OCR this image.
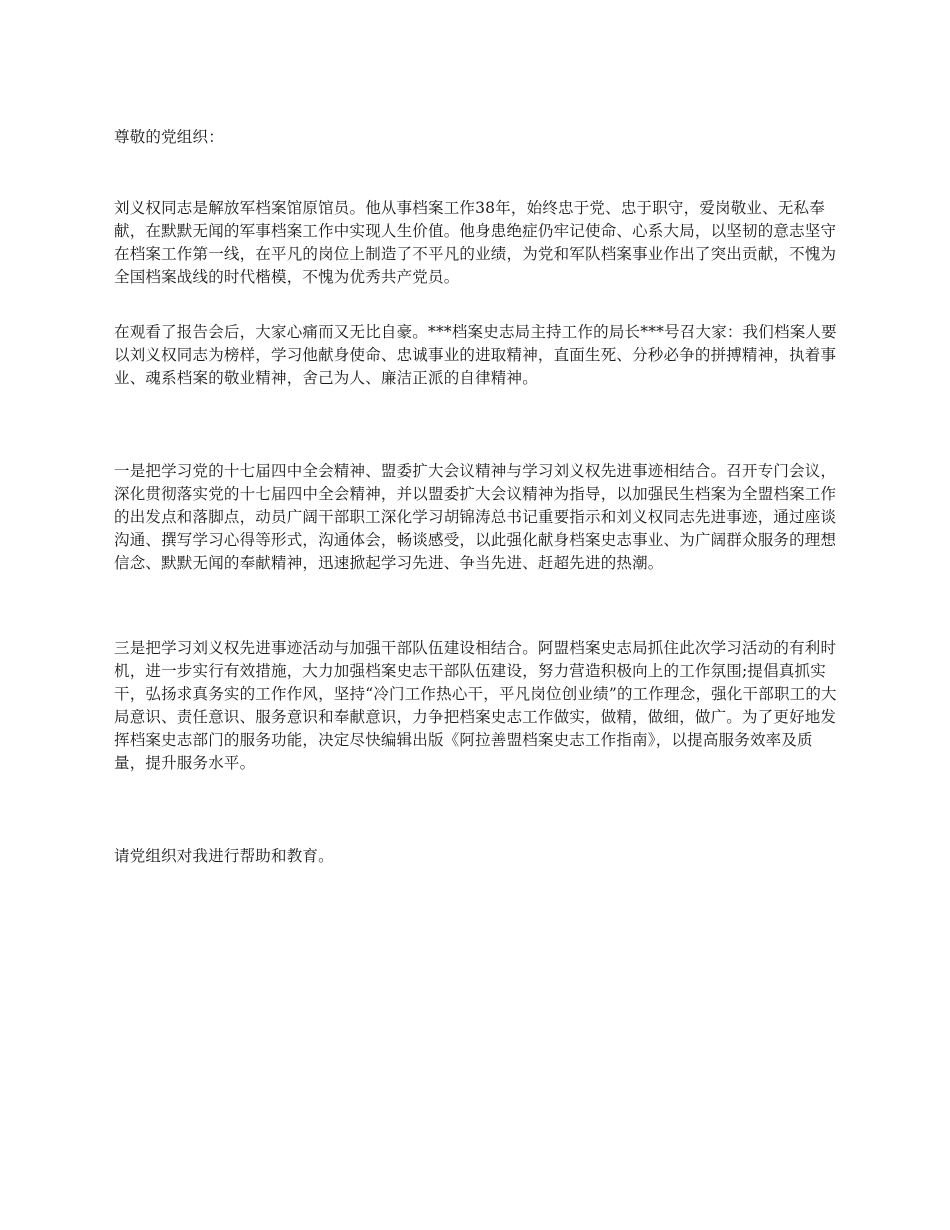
尊敬的党组织：

刘义权同志是解放军档案馆原馆员。他从事档案工作38年，始终忠于党、忠于职守，爱岗敬业、无私奉献，在默默无闻的军事档案工作中实现人生价值。他身患绝症仍牢记使命、心系大局，以坚韧的意志坚守在档案工作第一线，在平凡的岗位上制造了不平凡的业绩，为党和军队档案事业作出了突出贡献，不愧为全国档案战线的时代楷模，不愧为优秀共产党员。

在观看了报告会后，大家心痛而又无比自豪。***档案史志局主持工作的局长***号召大家：我们档案人要以刘义权同志为榜样，学习他献身使命、忠诚事业的进取精神，直面生死、分秒必争的拼搏精神，执着事业、魂系档案的敬业精神，舍己为人、廉洁正派的自律精神。

一是把学习党的十七届四中全会精神、盟委扩大会议精神与学习刘义权先进事迹相结合。召开专门会议，深化贯彻落实党的十七届四中全会精神，并以盟委扩大会议精神为指导，以加强民生档案为全盟档案工作的出发点和落脚点，动员广阔干部职工深化学习胡锦涛总书记重要指示和刘义权同志先进事迹，通过座谈沟通、撰写学习心得等形式，沟通体会，畅谈感受，以此强化献身档案史志事业、为广阔群众服务的理想信念、默默无闻的奉献精神，迅速掀起学习先进、争当先进、赶超先进的热潮。

三是把学习刘义权先进事迹活动与加强干部队伍建设相结合。阿盟档案史志局抓住此次学习活动的有利时机，进一步实行有效措施，大力加强档案史志干部队伍建设，努力营造积极向上的工作氛围;提倡真抓实干，弘扬求真务实的工作作风，坚持“冷门工作热心干，平凡岗位创业绩”的工作理念，强化干部职工的大局意识、责任意识、服务意识和奉献意识，力争把档案史志工作做实，做精，做细，做广。为了更好地发挥档案史志部门的服务功能，决定尽快编辑出版《阿拉善盟档案史志工作指南》，以提高服务效率及质量，提升服务水平。

请党组织对我进行帮助和教育。
